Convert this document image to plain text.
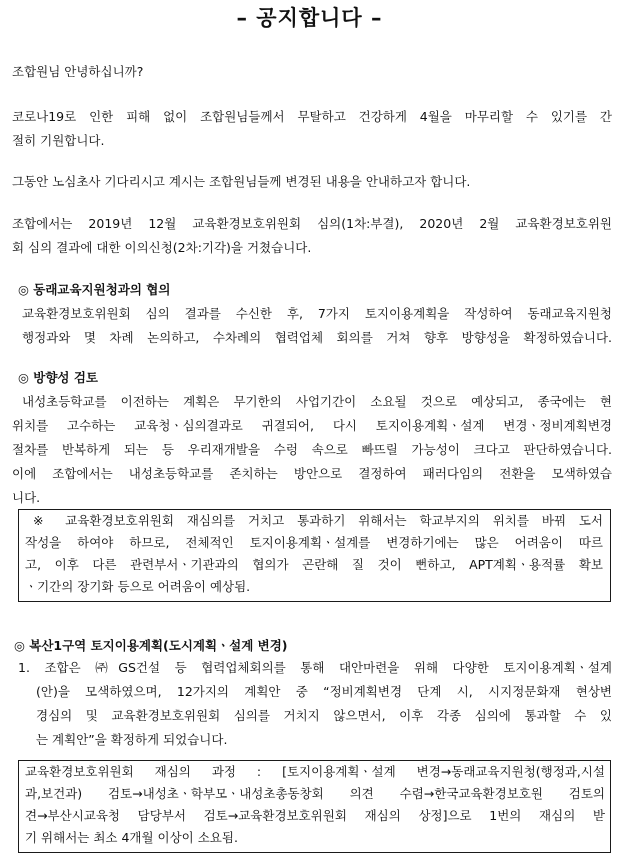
– 공지합니다 –
조합원님 안녕하십니까?
코로나19로 인한 피해 없이 조합원님들께서 무탈하고 건강하게 4월을 마무리할 수 있기를 간
절히 기원합니다.
그동안 노심초사 기다리시고 계시는 조합원님들께 변경된 내용을 안내하고자 합니다.
조합에서는 2019년 12월 교육환경보호위원회 심의(1차:부결), 2020년 2월 교육환경보호위원
회 심의 결과에 대한 이의신청(2차:기각)을 거쳤습니다.
◎ 동래교육지원청과의 협의
교육환경보호위원회 심의 결과를 수신한 후, 7가지 토지이용계획을 작성하여 동래교육지원청
행정과와 몇 차례 논의하고, 수차례의 협력업체 회의를 거쳐 향후 방향성을 확정하였습니다.
◎ 방향성 검토
내성초등학교를 이전하는 계획은 무기한의 사업기간이 소요될 것으로 예상되고, 종국에는 현
위치를 고수하는 교육청ㆍ심의결과로 귀결되어, 다시 토지이용계획ㆍ설계 변경ㆍ정비계획변경
절차를 반복하게 되는 등 우리재개발을 수렁 속으로 빠뜨릴 가능성이 크다고 판단하였습니다.
이에 조합에서는 내성초등학교를 존치하는 방안으로 결정하여 패러다임의 전환을 모색하였습
니다.
※ 교육환경보호위원회 재심의를 거치고 통과하기 위해서는 학교부지의 위치를 바꿔 도서
작성을 하여야 하므로, 전체적인 토지이용계획ㆍ설계를 변경하기에는 많은 어려움이 따르
고, 이후 다른 관련부서ㆍ기관과의 협의가 곤란해 질 것이 뻔하고, APT계획ㆍ용적률 확보
ㆍ기간의 장기화 등으로 어려움이 예상됨.
◎ 복산1구역 토지이용계획(도시계획ㆍ설계 변경)
1. 조합은 ㈜GS건설 등 협력업체회의를 통해 대안마련을 위해 다양한 토지이용계획ㆍ설계
(안)을 모색하였으며, 12가지의 계획안 중 “정비계획변경 단계 시, 시지정문화재 현상변
경심의 및 교육환경보호위원회 심의를 거치지 않으면서, 이후 각종 심의에 통과할 수 있
는 계획안”을 확정하게 되었습니다.
교육환경보호위원회 재심의 과정 : [토지이용계획ㆍ설계 변경→동래교육지원청(행정과,시설
과,보건과) 검토→내성초ㆍ학부모ㆍ내성초총동창회 의견 수렴→한국교육환경보호원 검토의
견→부산시교육청 담당부서 검토→교육환경보호위원회 재심의 상정]으로 1번의 재심의 받
기 위해서는 최소 4개월 이상이 소요됨.
